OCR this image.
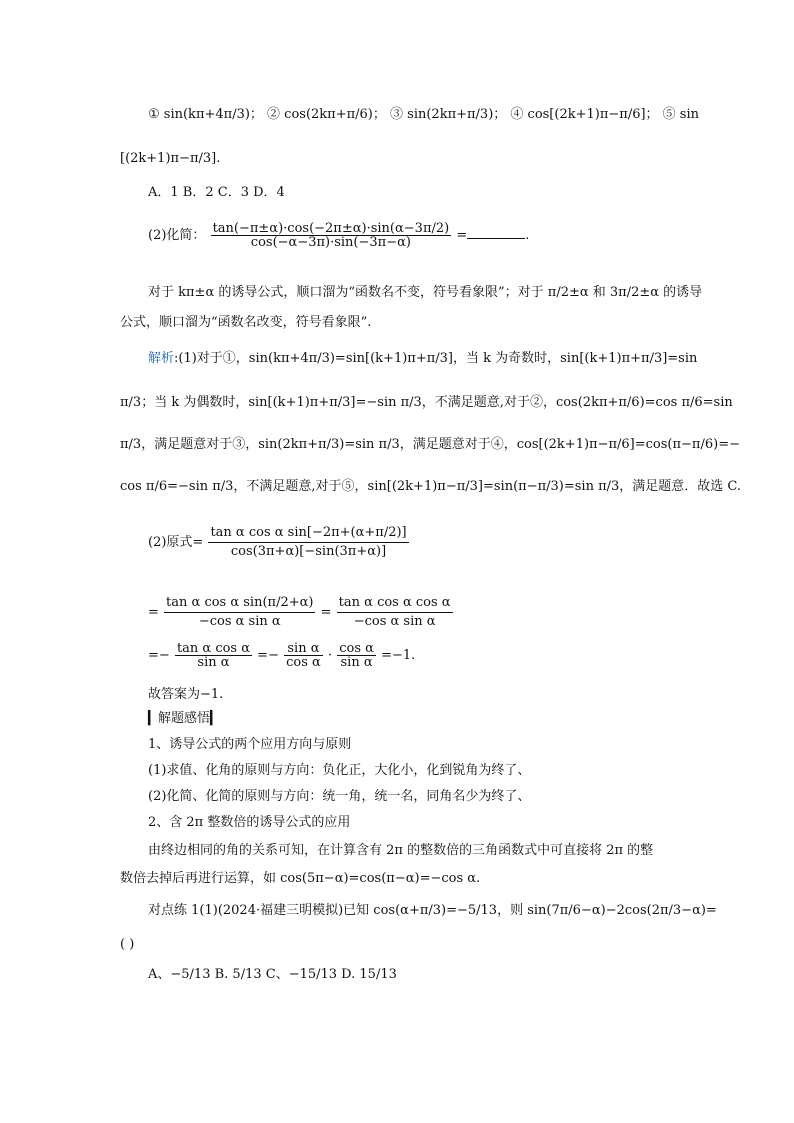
① sin(kπ+4π/3)； ② cos(2kπ+π/6)； ③ sin(2kπ+π/3)； ④ cos[(2k+1)π−π/6]； ⑤ sin
[(2k+1)π−π/3].
A．1 B．2 C．3 D．4
(2)化简： $\frac{\tan(-\pi\pm\alpha)\cdot\cos(-2\pi\pm\alpha)\cdot\sin(\alpha-3\pi/2)}{\cos(-\alpha-3\pi)\cdot\sin(-3\pi-\alpha)}$ =	.
对于 kπ±α 的诱导公式，顺口溜为“函数名不变，符号看象限”；对于 π/2±α 和 3π/2±α 的诱导
公式，顺口溜为“函数名改变，符号看象限”.
解析:(1)对于①，sin(kπ+4π/3)=sin[(k+1)π+π/3]，当 k 为奇数时，sin[(k+1)π+π/3]=sin
π/3；当 k 为偶数时，sin[(k+1)π+π/3]=−sin π/3，不满足题意,对于②，cos(2kπ+π/6)=cos π/6=sin
π/3，满足题意对于③，sin(2kπ+π/3)=sin π/3，满足题意对于④，cos[(2k+1)π−π/6]=cos(π−π/6)=−
cos π/6=−sin π/3，不满足题意,对于⑤，sin[(2k+1)π−π/3]=sin(π−π/3)=sin π/3，满足题意．故选 C.
(2)原式= $\frac{\text{tan α cos α sin[−2π+(α+π/2)]}}{\cos(3\pi+\alpha)[-\sin(3\pi+\alpha)]}$
= $\frac{\text{tan α cos α sin(π/2+α)}}{\text{−cos α sin α}} = \frac{\text{tan α cos α cos α}}{\text{−cos α sin α}}$
=− $\frac{\text{tan α cos α}}{\text{sin α}} =- \frac{\text{sin α}}{\text{cos α}} \cdot \frac{\text{cos α}}{\text{sin α}} =-1$.
故答案为−1.
▎解题感悟▎
1、诱导公式的两个应用方向与原则
(1)求值、化角的原则与方向：负化正，大化小，化到锐角为终了、
(2)化简、化简的原则与方向：统一角，统一名，同角名少为终了、
2、含 2π 整数倍的诱导公式的应用
由终边相同的角的关系可知，在计算含有 2π 的整数倍的三角函数式中可直接将 2π 的整
数倍去掉后再进行运算，如 cos(5π−α)=cos(π−α)=−cos α.
对点练 1(1)(2024·福建三明模拟)已知 cos(α+π/3)=−5/13，则 sin(7π/6−α)−2cos(2π/3−α)=
( )
A、−5/13 B. 5/13 C、−15/13 D. 15/13
